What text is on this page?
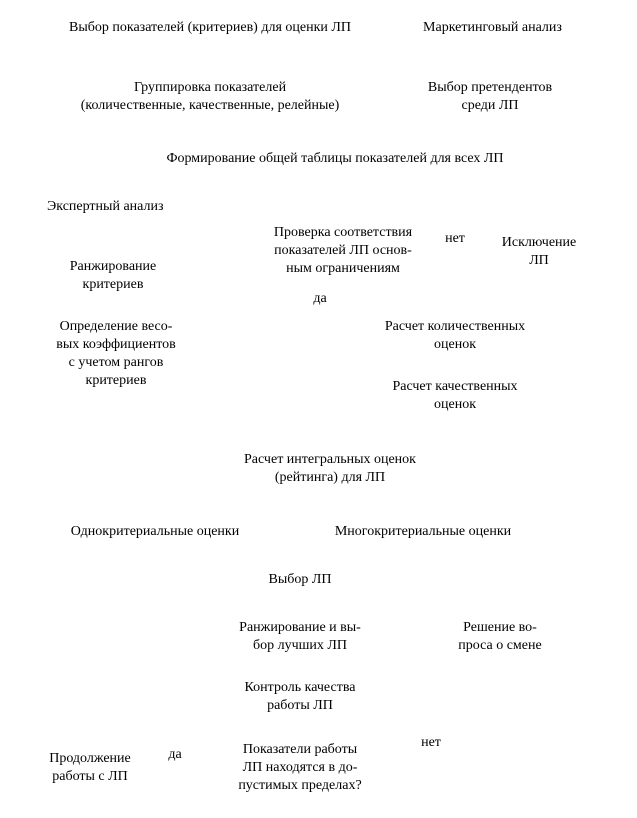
Выбор показателей (критериев) для оценки ЛП	Маркетинговый анализ
Группировка показателей
(количественные, качественные, релейные)
Выбор претендентов
среди ЛП
Формирование общей таблицы показателей для всех ЛП
Экспертный анализ
Проверка соответствия
показателей ЛП основ-
ным ограничениям
нет	Исключение
ЛП
Ранжирование
критериев
да
Определение весо-
вых коэффициентов
с учетом рангов
критериев
Расчет количественных
оценок
Расчет качественных
оценок
Расчет интегральных оценок
(рейтинга) для ЛП
Однокритериальные оценки	Многокритериальные оценки
Выбор ЛП
Ранжирование и вы-
бор лучших ЛП
Решение во-
проса о смене
Контроль качества
работы ЛП
нет
Показатели работы
ЛП находятся в до-
пустимых пределах?
да
Продолжение
работы с ЛП
